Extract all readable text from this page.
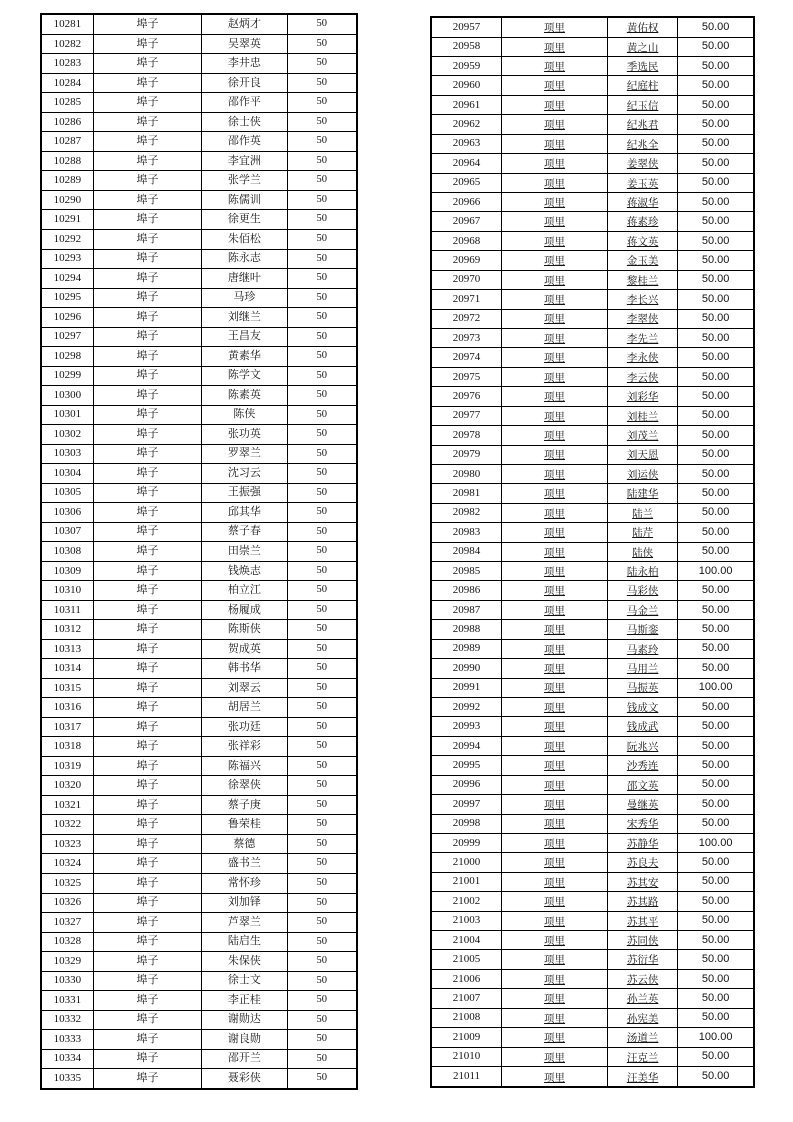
10281	埠子	赵炳才	50
10282	埠子	吴翠英	50
10283	埠子	李井忠	50
10284	埠子	徐开良	50
10285	埠子	邵作平	50
10286	埠子	徐士侠	50
10287	埠子	邵作英	50
10288	埠子	李宜洲	50
10289	埠子	张学兰	50
10290	埠子	陈儒训	50
10291	埠子	徐更生	50
10292	埠子	朱佰松	50
10293	埠子	陈永志	50
10294	埠子	唐继叶	50
10295	埠子	马珍	50
10296	埠子	刘继兰	50
10297	埠子	王昌友	50
10298	埠子	黄素华	50
10299	埠子	陈学文	50
10300	埠子	陈素英	50
10301	埠子	陈侠	50
10302	埠子	张功英	50
10303	埠子	罗翠兰	50
10304	埠子	沈习云	50
10305	埠子	王振强	50
10306	埠子	邱其华	50
10307	埠子	蔡子春	50
10308	埠子	田崇兰	50
10309	埠子	钱焕志	50
10310	埠子	柏立江	50
10311	埠子	杨履成	50
10312	埠子	陈斯侠	50
10313	埠子	贺成英	50
10314	埠子	韩书华	50
10315	埠子	刘翠云	50
10316	埠子	胡居兰	50
10317	埠子	张功廷	50
10318	埠子	张祥彩	50
10319	埠子	陈福兴	50
10320	埠子	徐翠侠	50
10321	埠子	蔡子庚	50
10322	埠子	鲁荣桂	50
10323	埠子	蔡德	50
10324	埠子	盛书兰	50
10325	埠子	常怀珍	50
10326	埠子	刘加铎	50
10327	埠子	芦翠兰	50
10328	埠子	陆启生	50
10329	埠子	朱保侠	50
10330	埠子	徐士文	50
10331	埠子	李正桂	50
10332	埠子	谢勋达	50
10333	埠子	谢良勋	50
10334	埠子	邵开兰	50
10335	埠子	聂彩侠	50
20957	项里	黄佑权	50.00
20958	项里	黄之山	50.00
20959	项里	季选民	50.00
20960	项里	纪庭柱	50.00
20961	项里	纪玉信	50.00
20962	项里	纪兆君	50.00
20963	项里	纪兆全	50.00
20964	项里	姜翠侠	50.00
20965	项里	姜玉英	50.00
20966	项里	蒋淑华	50.00
20967	项里	蒋素珍	50.00
20968	项里	蒋文英	50.00
20969	项里	金玉美	50.00
20970	项里	黎桂兰	50.00
20971	项里	李长兴	50.00
20972	项里	李翠侠	50.00
20973	项里	李先兰	50.00
20974	项里	李永侠	50.00
20975	项里	李云侠	50.00
20976	项里	刘彩华	50.00
20977	项里	刘桂兰	50.00
20978	项里	刘茂兰	50.00
20979	项里	刘天恩	50.00
20980	项里	刘运侠	50.00
20981	项里	陆建华	50.00
20982	项里	陆兰	50.00
20983	项里	陆芹	50.00
20984	项里	陆侠	50.00
20985	项里	陆永柏	100.00
20986	项里	马彩侠	50.00
20987	项里	马金兰	50.00
20988	项里	马斯銮	50.00
20989	项里	马素玲	50.00
20990	项里	马用兰	50.00
20991	项里	马振英	100.00
20992	项里	钱成文	50.00
20993	项里	钱成武	50.00
20994	项里	阮兆兴	50.00
20995	项里	沙秀连	50.00
20996	项里	邵文英	50.00
20997	项里	曼继英	50.00
20998	项里	宋秀华	50.00
20999	项里	苏静华	100.00
21000	项里	苏良夫	50.00
21001	项里	苏其安	50.00
21002	项里	苏其路	50.00
21003	项里	苏其平	50.00
21004	项里	苏同侠	50.00
21005	项里	苏衍华	50.00
21006	项里	苏云侠	50.00
21007	项里	孙兰英	50.00
21008	项里	孙宪美	50.00
21009	项里	汤道兰	100.00
21010	项里	汪克兰	50.00
21011	项里	汪美华	50.00
